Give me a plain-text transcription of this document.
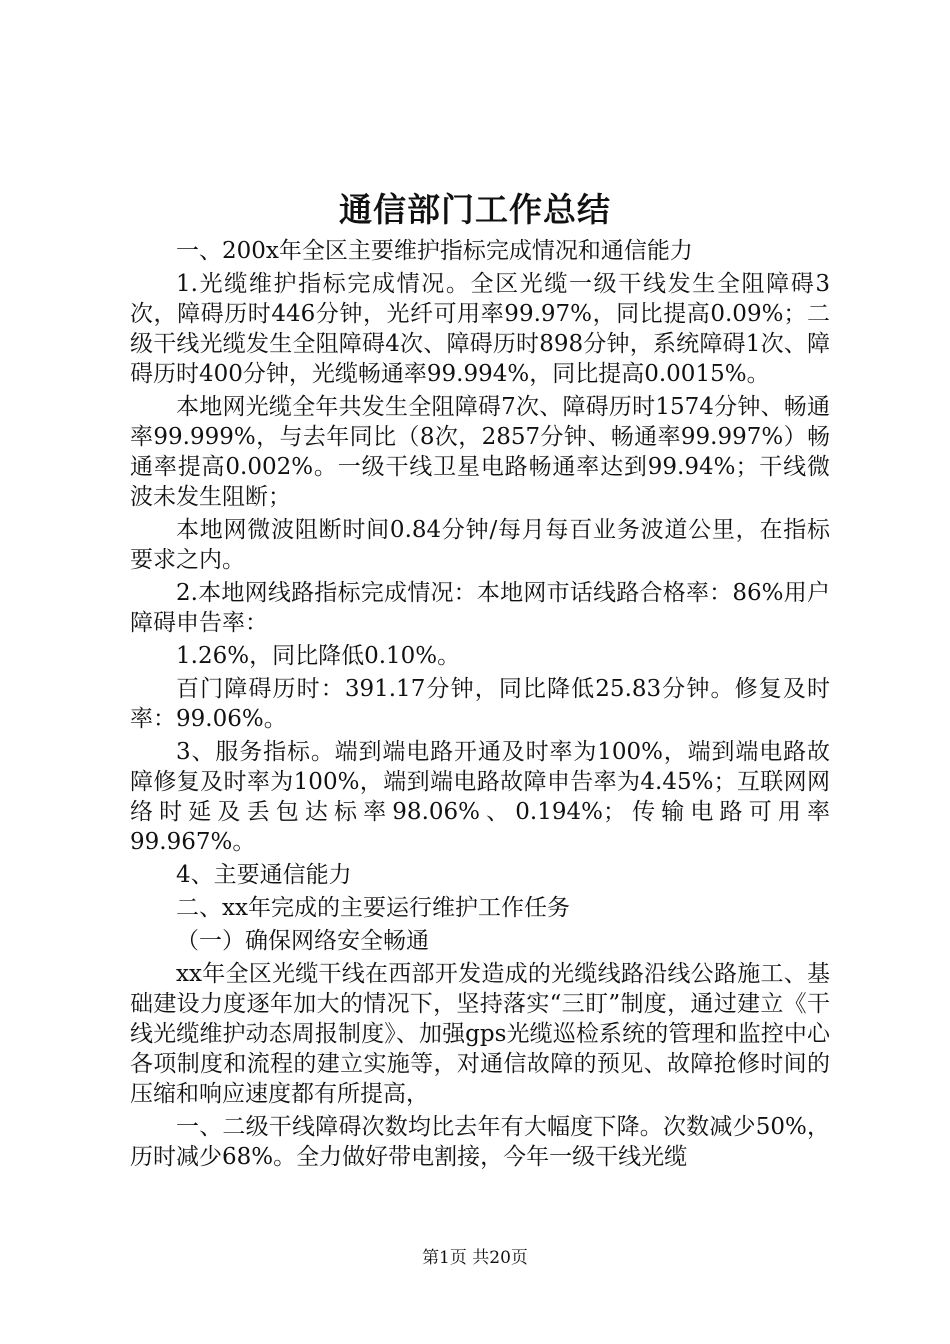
通信部门工作总结

一、200x年全区主要维护指标完成情况和通信能力

1.光缆维护指标完成情况。全区光缆一级干线发生全阻障碍3次，障碍历时446分钟，光纤可用率99.97%，同比提高0.09%；二级干线光缆发生全阻障碍4次、障碍历时898分钟，系统障碍1次、障碍历时400分钟，光缆畅通率99.994%，同比提高0.0015%。

本地网光缆全年共发生全阻障碍7次、障碍历时1574分钟、畅通率99.999%，与去年同比（8次，2857分钟、畅通率99.997%）畅通率提高0.002%。一级干线卫星电路畅通率达到99.94%；干线微波未发生阻断；

本地网微波阻断时间0.84分钟/每月每百业务波道公里，在指标要求之内。

2.本地网线路指标完成情况：本地网市话线路合格率：86%用户障碍申告率：

1.26%，同比降低0.10%。

百门障碍历时：391.17分钟，同比降低25.83分钟。修复及时率：99.06%。

3、服务指标。端到端电路开通及时率为100%，端到端电路故障修复及时率为100%，端到端电路故障申告率为4.45%；互联网网络时延及丢包达标率98.06%、0.194%；传输电路可用率99.967%。

4、主要通信能力

二、xx年完成的主要运行维护工作任务

（一）确保网络安全畅通

xx年全区光缆干线在西部开发造成的光缆线路沿线公路施工、基础建设力度逐年加大的情况下，坚持落实“三盯”制度，通过建立《干线光缆维护动态周报制度》、加强gps光缆巡检系统的管理和监控中心各项制度和流程的建立实施等，对通信故障的预见、故障抢修时间的压缩和响应速度都有所提高，

一、二级干线障碍次数均比去年有大幅度下降。次数减少50%，历时减少68%。全力做好带电割接，今年一级干线光缆

第1页 共20页
